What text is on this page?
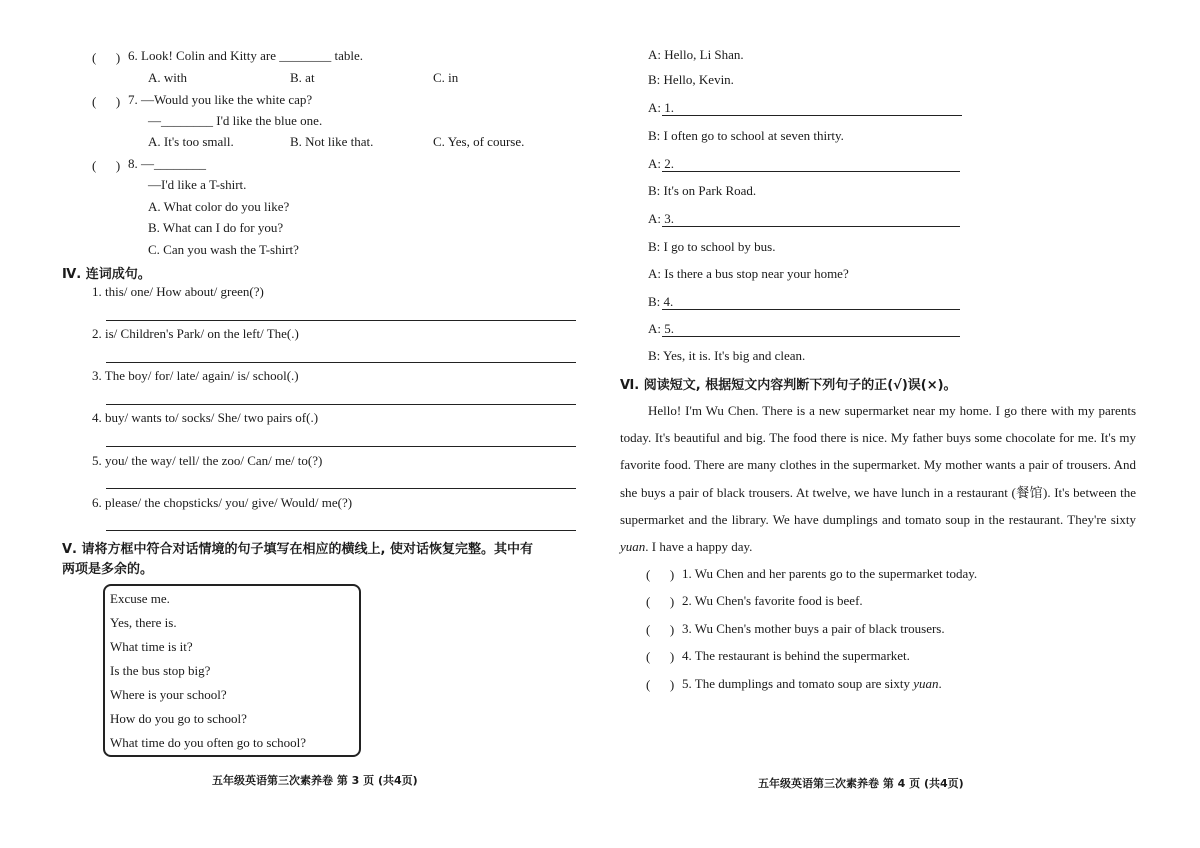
(      ) 6. Look! Colin and Kitty are ________ table.
A. with	B. at	C. in
(      ) 7. —Would you like the white cap?
—________ I'd like the blue one.
A. It's too small.	B. Not like that.	C. Yes, of course.
(      ) 8. —________
—I'd like a T-shirt.
A. What color do you like?
B. What can I do for you?
C. Can you wash the T-shirt?
Ⅳ. 连词成句。
1. this/ one/ How about/ green(?)
2. is/ Children's Park/ on the left/ The(.)
3. The boy/ for/ late/ again/ is/ school(.)
4. buy/ wants to/ socks/ She/ two pairs of(.)
5. you/ the way/ tell/ the zoo/ Can/ me/ to(?)
6. please/ the chopsticks/ you/ give/ Would/ me(?)
Ⅴ. 请将方框中符合对话情境的句子填写在相应的横线上, 使对话恢复完整。其中有
两项是多余的。
Excuse me.
Yes, there is.
What time is it?
Is the bus stop big?
Where is your school?
How do you go to school?
What time do you often go to school?
五年级英语第三次素养卷 第 3 页 (共4页)
A: Hello, Li Shan.
B: Hello, Kevin.
A: 1.
B: I often go to school at seven thirty.
A: 2.
B: It's on Park Road.
A: 3.
B: I go to school by bus.
A: Is there a bus stop near your home?
B: 4.
A: 5.
B: Yes, it is. It's big and clean.
Ⅵ. 阅读短文, 根据短文内容判断下列句子的正(√)误(×)。

Hello! I'm Wu Chen. There is a new supermarket near my home. I go there with my parents today. It's beautiful and big. The food there is nice. My father buys some chocolate for me. It's my favorite food. There are many clothes in the supermarket. My mother wants a pair of trousers. And she buys a pair of black trousers. At twelve, we have lunch in a restaurant (餐馆). It's between the supermarket and the library. We have dumplings and tomato soup in the restaurant. They're sixty yuan. I have a happy day.

(      ) 1. Wu Chen and her parents go to the supermarket today.
(      ) 2. Wu Chen's favorite food is beef.
(      ) 3. Wu Chen's mother buys a pair of black trousers.
(      ) 4. The restaurant is behind the supermarket.
(      ) 5. The dumplings and tomato soup are sixty yuan.
五年级英语第三次素养卷 第 4 页 (共4页)
